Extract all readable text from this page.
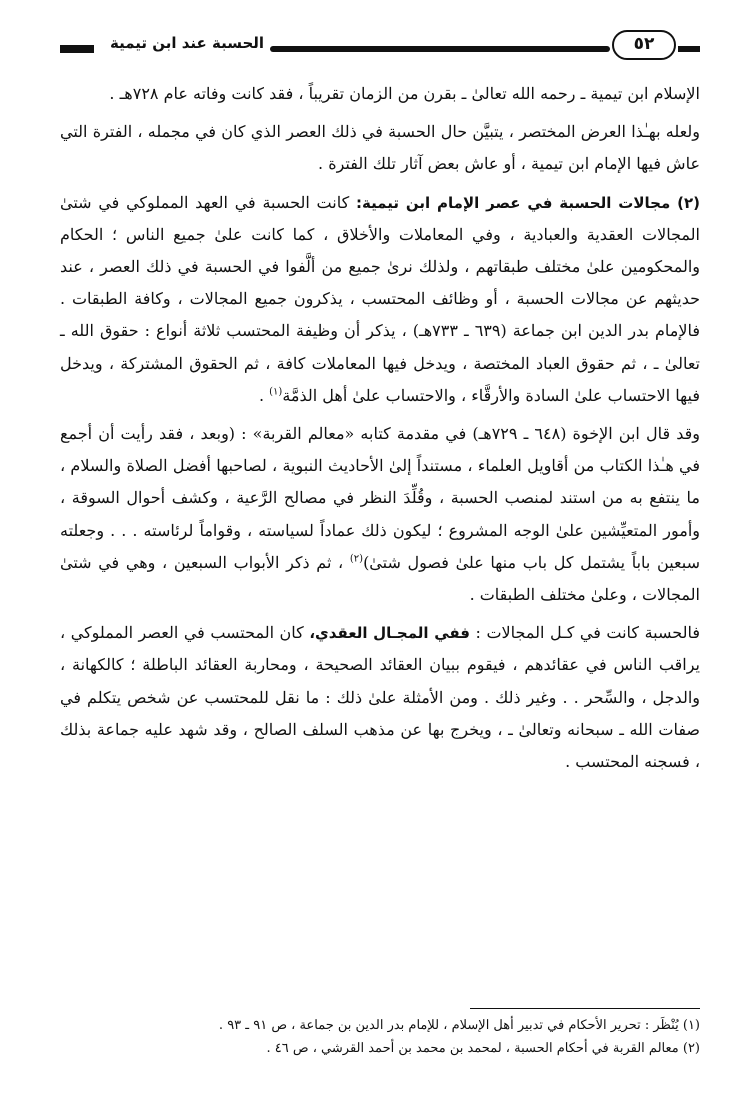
الحسبة عند ابن تيمية	٥٢

الإسلام ابن تيمية ـ رحمه الله تعالىٰ ـ بقرن من الزمان تقريباً ، فقد كانت وفاته عام ٧٢٨هـ .

ولعله بهـٰذا العرض المختصر ، يتبيَّن حال الحسبة في ذلك العصر الذي كان في مجمله ، الفترة التي عاش فيها الإمام ابن تيمية ، أو عاش بعض آثار تلك الفترة .

(٢) مجالات الحسبة في عصر الإمام ابن تيمية: كانت الحسبة في العهد المملوكي في شتىٰ المجالات العقدية والعبادية ، وفي المعاملات والأخلاق ، كما كانت علىٰ جميع الناس ؛ الحكام والمحكومين علىٰ مختلف طبقاتهم ، ولذلك نرىٰ جميع من ألَّفوا في الحسبة في ذلك العصر ، عند حديثهم عن مجالات الحسبة ، أو وظائف المحتسب ، يذكرون جميع المجالات ، وكافة الطبقات . فالإمام بدر الدين ابن جماعة (٦٣٩ ـ ٧٣٣هـ) ، يذكر أن وظيفة المحتسب ثلاثة أنواع : حقوق الله ـ تعالىٰ ـ ، ثم حقوق العباد المختصة ، ويدخل فيها المعاملات كافة ، ثم الحقوق المشتركة ، ويدخل فيها الاحتساب علىٰ السادة والأرقَّاء ، والاحتساب علىٰ أهل الذمَّة$^{(١)}$ .

وقد قال ابن الإخوة (٦٤٨ ـ ٧٢٩هـ) في مقدمة كتابه «معالم القربة» : (وبعد ، فقد رأيت أن أجمع في هـٰذا الكتاب من أقاويل العلماء ، مستنداً إلىٰ الأحاديث النبوية ، لصاحبها أفضل الصلاة والسلام ، ما ينتفع به من استند لمنصب الحسبة ، وقُلِّدَ النظر في مصالح الرَّعية ، وكشف أحوال السوقة ، وأمور المتعيِّشين علىٰ الوجه المشروع ؛ ليكون ذلك عماداً لسياسته ، وقواماً لرئاسته . . . وجعلته سبعين باباً يشتمل كل باب منها علىٰ فصول شتىٰ)$^{(٢)}$ ، ثم ذكر الأبواب السبعين ، وهي في شتىٰ المجالات ، وعلىٰ مختلف الطبقات .

فالحسبة كانت في كـل المجالات : ففي المجـال العقدي، كان المحتسب في العصر المملوكي ، يراقب الناس في عقائدهم ، فيقوم ببيان العقائد الصحيحة ، ومحاربة العقائد الباطلة ؛ كالكهانة ، والدجل ، والسِّحر . . وغير ذلك . ومن الأمثلة علىٰ ذلك : ما نقل للمحتسب عن شخص يتكلم في صفات الله ـ سبحانه وتعالىٰ ـ ، ويخرج بها عن مذهب السلف الصالح ، وقد شهد عليه جماعة بذلك ، فسجنه المحتسب .

(١) يُنْظَر : تحرير الأحكام في تدبير أهل الإسلام ، للإمام بدر الدين بن جماعة ، ص ٩١ ـ ٩٣ .
(٢) معالم القربة في أحكام الحسبة ، لمحمد بن محمد بن أحمد القرشي ، ص ٤٦ .
